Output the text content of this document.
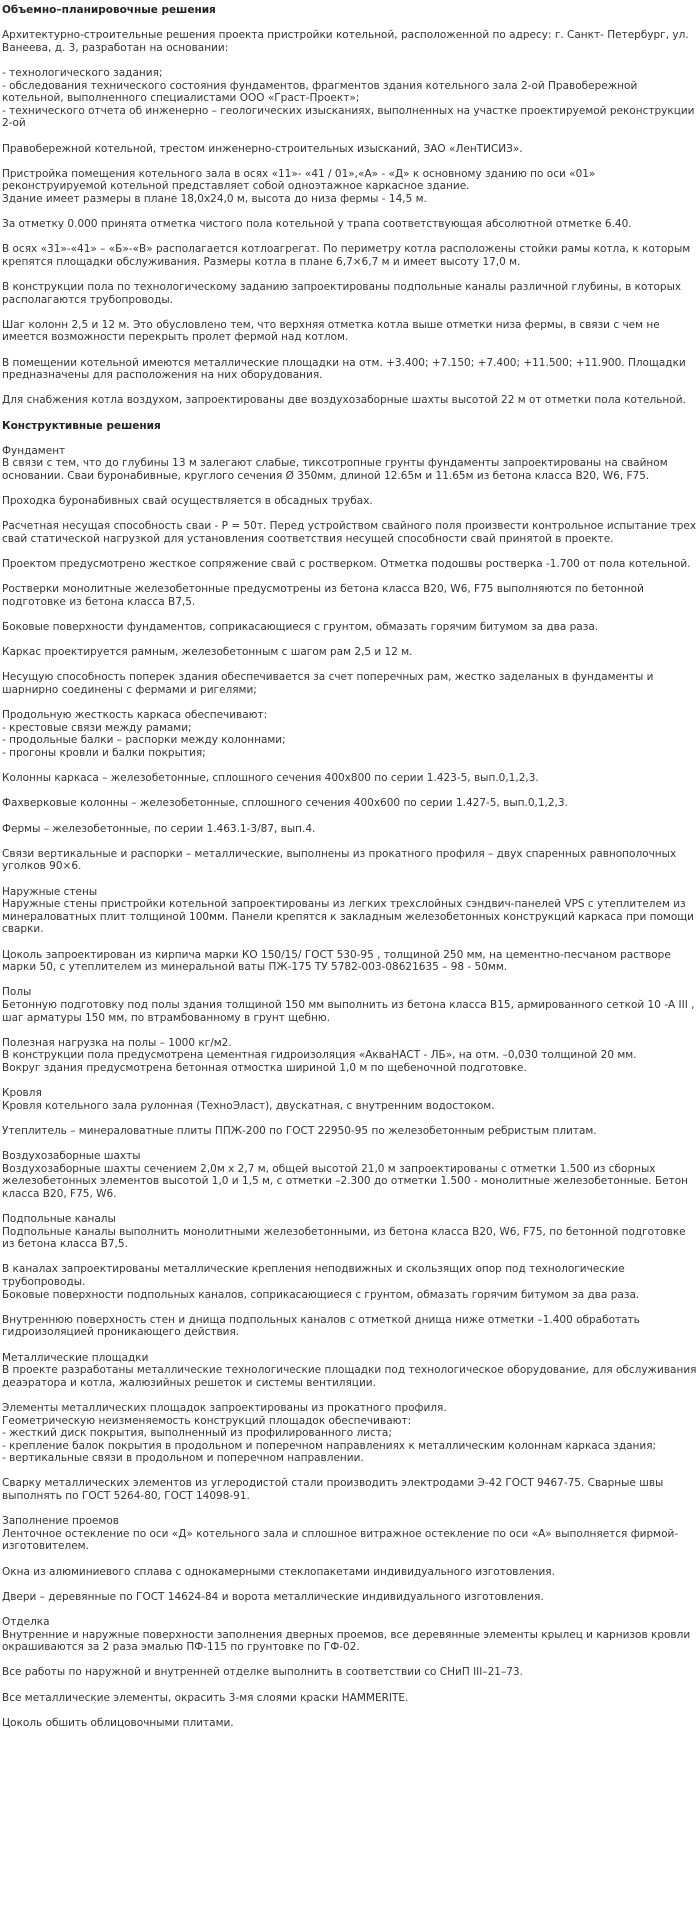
Объемно–планировочные решения
Архитектурно-строительные решения проекта пристройки котельной, расположенной по адресу: г. Санкт- Петербург, ул. Ванеева, д. 3, разработан на основании:
- технологического задания;
- обследования технического состояния фундаментов, фрагментов здания котельного зала 2-ой Правобережной котельной, выполненного специалистами ООО «Граст-Проект»;
- технического отчета об инженерно – геологических изысканиях, выполненных на участке проектируемой реконструкции 2-ой
Правобережной котельной, трестом инженерно-строительных изысканий, ЗАО «ЛенТИСИЗ».
Пристройка помещения котельного зала в осях «11»- «41 / 01»,«А» - «Д» к основному зданию по оси «01» реконструируемой котельной представляет собой одноэтажное каркасное здание.
Здание имеет размеры в плане 18,0х24,0 м, высота до низа фермы - 14,5 м.
За отметку 0.000 принята отметка чистого пола котельной у трапа соответствующая абсолютной отметке 6.40.
В осях «31»-«41» – «Б»-«В» располагается котлоагрегат. По периметру котла расположены стойки рамы котла, к которым крепятся площадки обслуживания. Размеры котла в плане 6,7×6,7 м и имеет высоту 17,0 м.
В конструкции пола по технологическому заданию запроектированы подпольные каналы различной глубины, в которых располагаются трубопроводы.
Шаг колонн 2,5 и 12 м. Это обусловлено тем, что верхняя отметка котла выше отметки низа фермы, в связи с чем не имеется возможности перекрыть пролет фермой над котлом.
В помещении котельной имеются металлические площадки на отм. +3.400; +7.150; +7.400; +11.500; +11.900. Площадки предназначены для расположения на них оборудования.
Для снабжения котла воздухом, запроектированы две воздухозаборные шахты высотой 22 м от отметки пола котельной.
Конструктивные решения
Фундамент
В связи с тем, что до глубины 13 м залегают слабые, тиксотропные грунты фундаменты запроектированы на свайном основании. Сваи буронабивные, круглого сечения Ø 350мм, длиной 12.65м и 11.65м из бетона класса В20, W6, F75.
Проходка буронабивных свай осуществляется в обсадных трубах.
Расчетная несущая способность сваи - Р = 50т. Перед устройством свайного поля произвести контрольное испытание трех свай статической нагрузкой для установления соответствия несущей способности свай принятой в проекте.
Проектом предусмотрено жесткое сопряжение свай с ростверком. Отметка подошвы ростверка -1.700 от пола котельной.
Ростверки монолитные железобетонные предусмотрены из бетона класса В20, W6, F75 выполняются по бетонной подготовке из бетона класса В7,5.
Боковые поверхности фундаментов, соприкасающиеся с грунтом, обмазать горячим битумом за два раза.
Каркас проектируется рамным, железобетонным с шагом рам 2,5 и 12 м.
Несущую способность поперек здания обеспечивается за счет поперечных рам, жестко заделаных в фундаменты и шарнирно соединены с фермами и ригелями;
Продольную жесткость каркаса обеспечивают:
- крестовые связи между рамами;
- продольные балки – распорки между колоннами;
- прогоны кровли и балки покрытия;
Колонны каркаса – железобетонные, сплошного сечения 400х800 по серии 1.423-5, вып.0,1,2,3.
Фахверковые колонны – железобетонные, сплошного сечения 400х600 по серии 1.427-5, вып.0,1,2,3.
Фермы – железобетонные, по серии 1.463.1-3/87, вып.4.
Связи вертикальные и распорки – металлические, выполнены из прокатного профиля – двух спаренных равнополочных уголков 90×6.
Наружные стены
Наружные стены пристройки котельной запроектированы из легких трехслойных сэндвич-панелей VPS с утеплителем из минераловатных плит толщиной 100мм. Панели крепятся к закладным железобетонных конструкций каркаса при помощи сварки.
Цоколь запроектирован из кирпича марки КО 150/15/ ГОСТ 530-95 , толщиной 250 мм, на цементно-песчаном растворе марки 50, с утеплителем из минеральной ваты ПЖ-175 ТУ 5782-003-08621635 – 98 - 50мм.
Полы
Бетонную подготовку под полы здания толщиной 150 мм выполнить из бетона класса В15, армированного сеткой 10 -А III , шаг арматуры 150 мм, по втрамбованному в грунт щебню.
Полезная нагрузка на полы – 1000 кг/м2.
В конструкции пола предусмотрена цементная гидроизоляция «АкваНАСТ - ЛБ», на отм. –0,030 толщиной 20 мм.
Вокруг здания предусмотрена бетонная отмостка шириной 1,0 м по щебеночной подготовке.
Кровля
Кровля котельного зала рулонная (ТехноЭласт), двускатная, с внутренним водостоком.
Утеплитель – минераловатные плиты ППЖ-200 по ГОСТ 22950-95 по железобетонным ребристым плитам.
Воздухозаборные шахты
Воздухозаборные шахты сечением 2,0м х 2,7 м, общей высотой 21,0 м запроектированы с отметки 1.500 из сборных железобетонных элементов высотой 1,0 и 1,5 м, с отметки –2.300 до отметки 1.500 - монолитные железобетонные. Бетон класса В20, F75, W6.
Подпольные каналы
Подпольные каналы выполнить монолитными железобетонными, из бетона класса В20, W6, F75, по бетонной подготовке из бетона класса В7,5.
В каналах запроектированы металлические крепления неподвижных и скользящих опор под технологические трубопроводы.
Боковые поверхности подпольных каналов, соприкасающиеся с грунтом, обмазать горячим битумом за два раза.
Внутреннюю поверхность стен и днища подпольных каналов с отметкой днища ниже отметки –1.400 обработать гидроизоляцией проникающего действия.
Металлические площадки
В проекте разработаны металлические технологические площадки под технологическое оборудование, для обслуживания деаэратора и котла, жалюзийных решеток и системы вентиляции.
Элементы металлических площадок запроектированы из прокатного профиля.
Геометрическую неизменяемость конструкций площадок обеспечивают:
- жесткий диск покрытия, выполненный из профилированного листа;
- крепление балок покрытия в продольном и поперечном направлениях к металлическим колоннам каркаса здания;
- вертикальные связи в продольном и поперечном направлении.
Сварку металлических элементов из углеродистой стали производить электродами Э-42 ГОСТ 9467-75. Сварные швы выполнять по ГОСТ 5264-80, ГОСТ 14098-91.
Заполнение проемов
Ленточное остекление по оси «Д» котельного зала и сплошное витражное остекление по оси «А» выполняется фирмой-изготовителем.
Окна из алюминиевого сплава с однокамерными стеклопакетами индивидуального изготовления.
Двери – деревянные по ГОСТ 14624-84 и ворота металлические индивидуального изготовления.
Отделка
Внутренние и наружные поверхности заполнения дверных проемов, все деревянные элементы крылец и карнизов кровли окрашиваются за 2 раза эмалью ПФ-115 по грунтовке по ГФ-02.
Все работы по наружной и внутренней отделке выполнить в соответствии со СНиП III–21–73.
Все металлические элементы, окрасить 3-мя слоями краски HAMMERITE.
Цоколь обшить облицовочными плитами.
